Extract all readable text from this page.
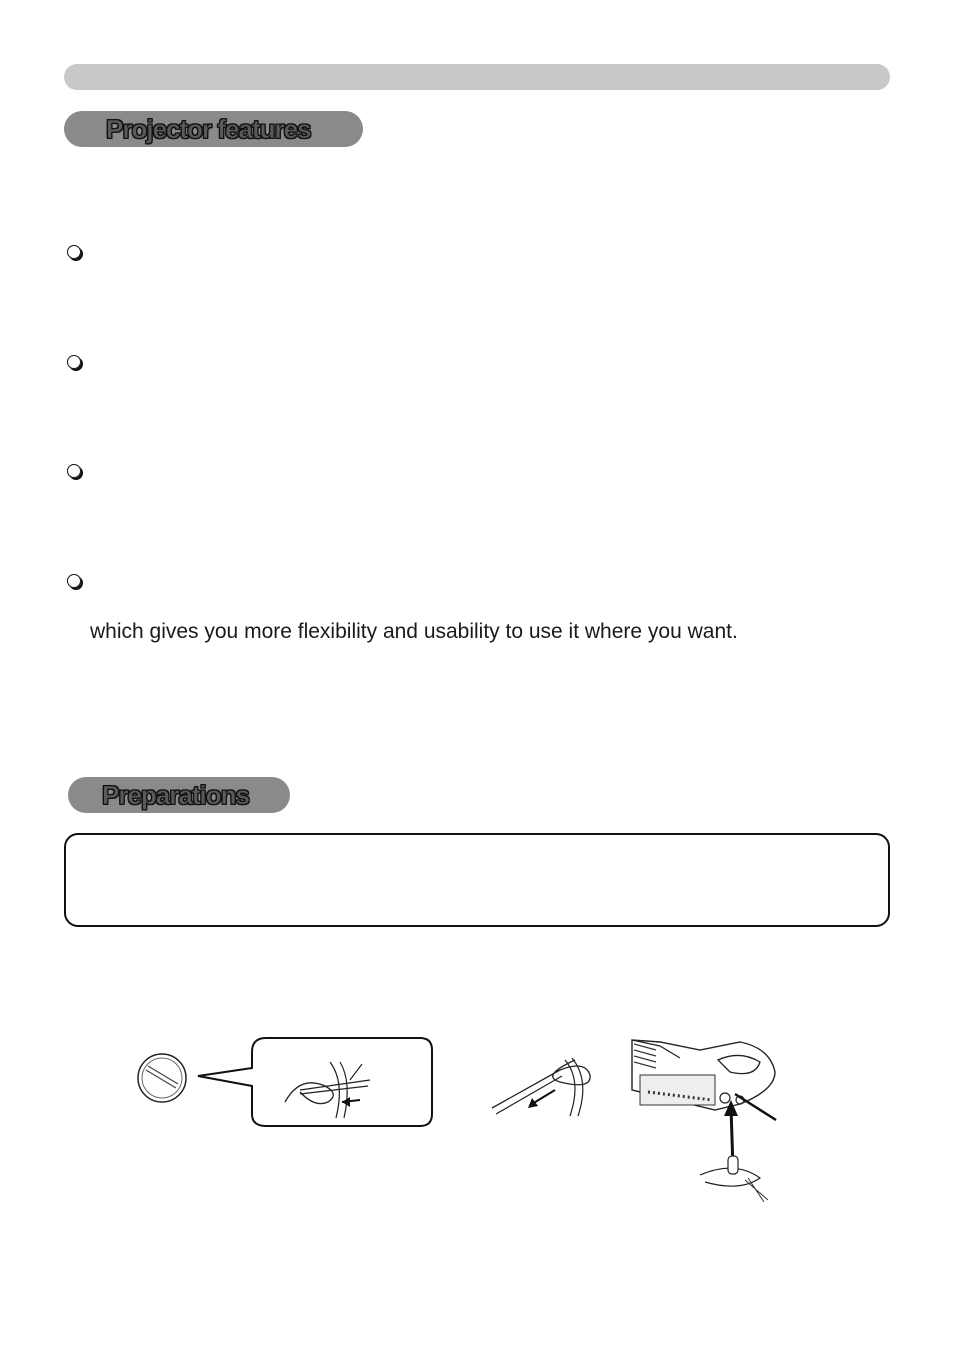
Projector features
which gives you more flexibility and usability to use it where you want.
Preparations
